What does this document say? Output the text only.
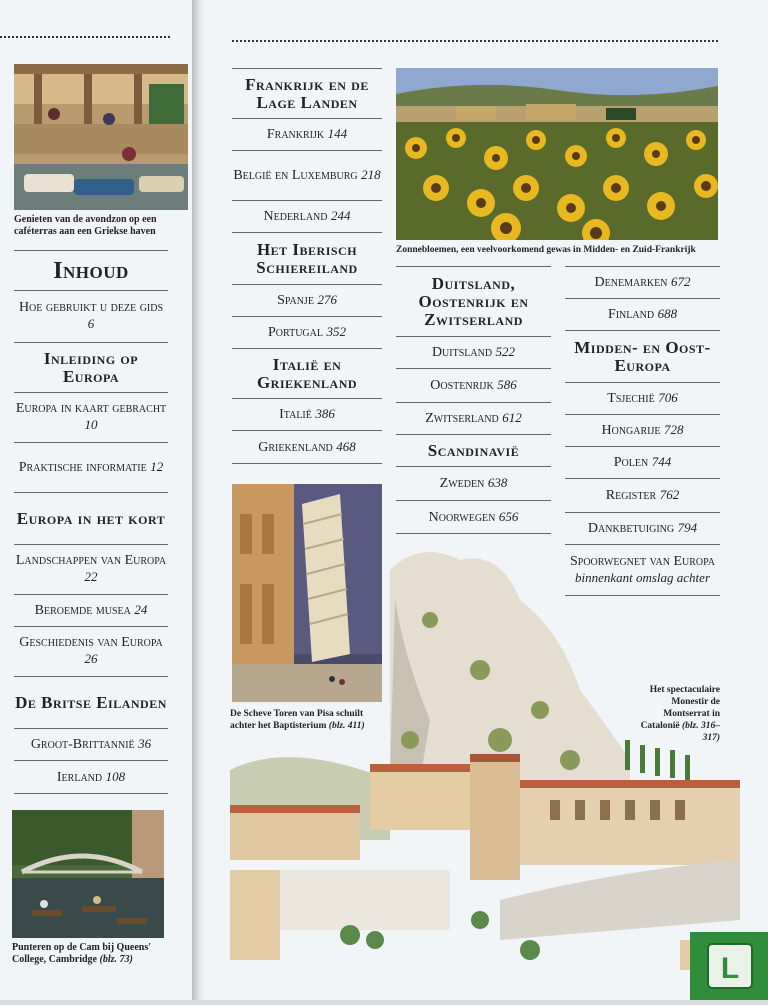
Genieten van de avondzon op een caféterras aan een Griekse haven
Inhoud
Hoe gebruikt u deze gids 6
Inleiding op Europa
Europa in kaart gebracht 10
Praktische informatie 12
Europa in het kort
Landschappen van Europa 22
Beroemde musea 24
Geschiedenis van Europa 26
De Britse Eilanden
Groot-Brittannië 36
Ierland 108
Punteren op de Cam bij Queens' College, Cambridge (blz. 73)
Frankrijk en de Lage Landen
Frankrijk 144
België en Luxemburg 218
Nederland 244
Het Iberisch Schiereiland
Spanje 276
Portugal 352
Italië en Griekenland
Italië 386
Griekenland 468
Zonnebloemen, een veelvoorkomend gewas in Midden- en Zuid-Frankrijk
Duitsland, Oostenrijk en Zwitserland
Duitsland 522
Oostenrijk 586
Zwitserland 612
Scandinavië
Zweden 638
Noorwegen 656
Denemarken 672
Finland 688
Midden- en Oost-Europa
Tsjechië 706
Hongarije 728
Polen 744
Register 762
Dankbetuiging 794
Spoorwegnet van Europa
binnenkant omslag achter
De Scheve Toren van Pisa schuilt achter het Baptisterium (blz. 411)
Het spectaculaire Monestir de Montserrat in Catalonië (blz. 316–317)
L
